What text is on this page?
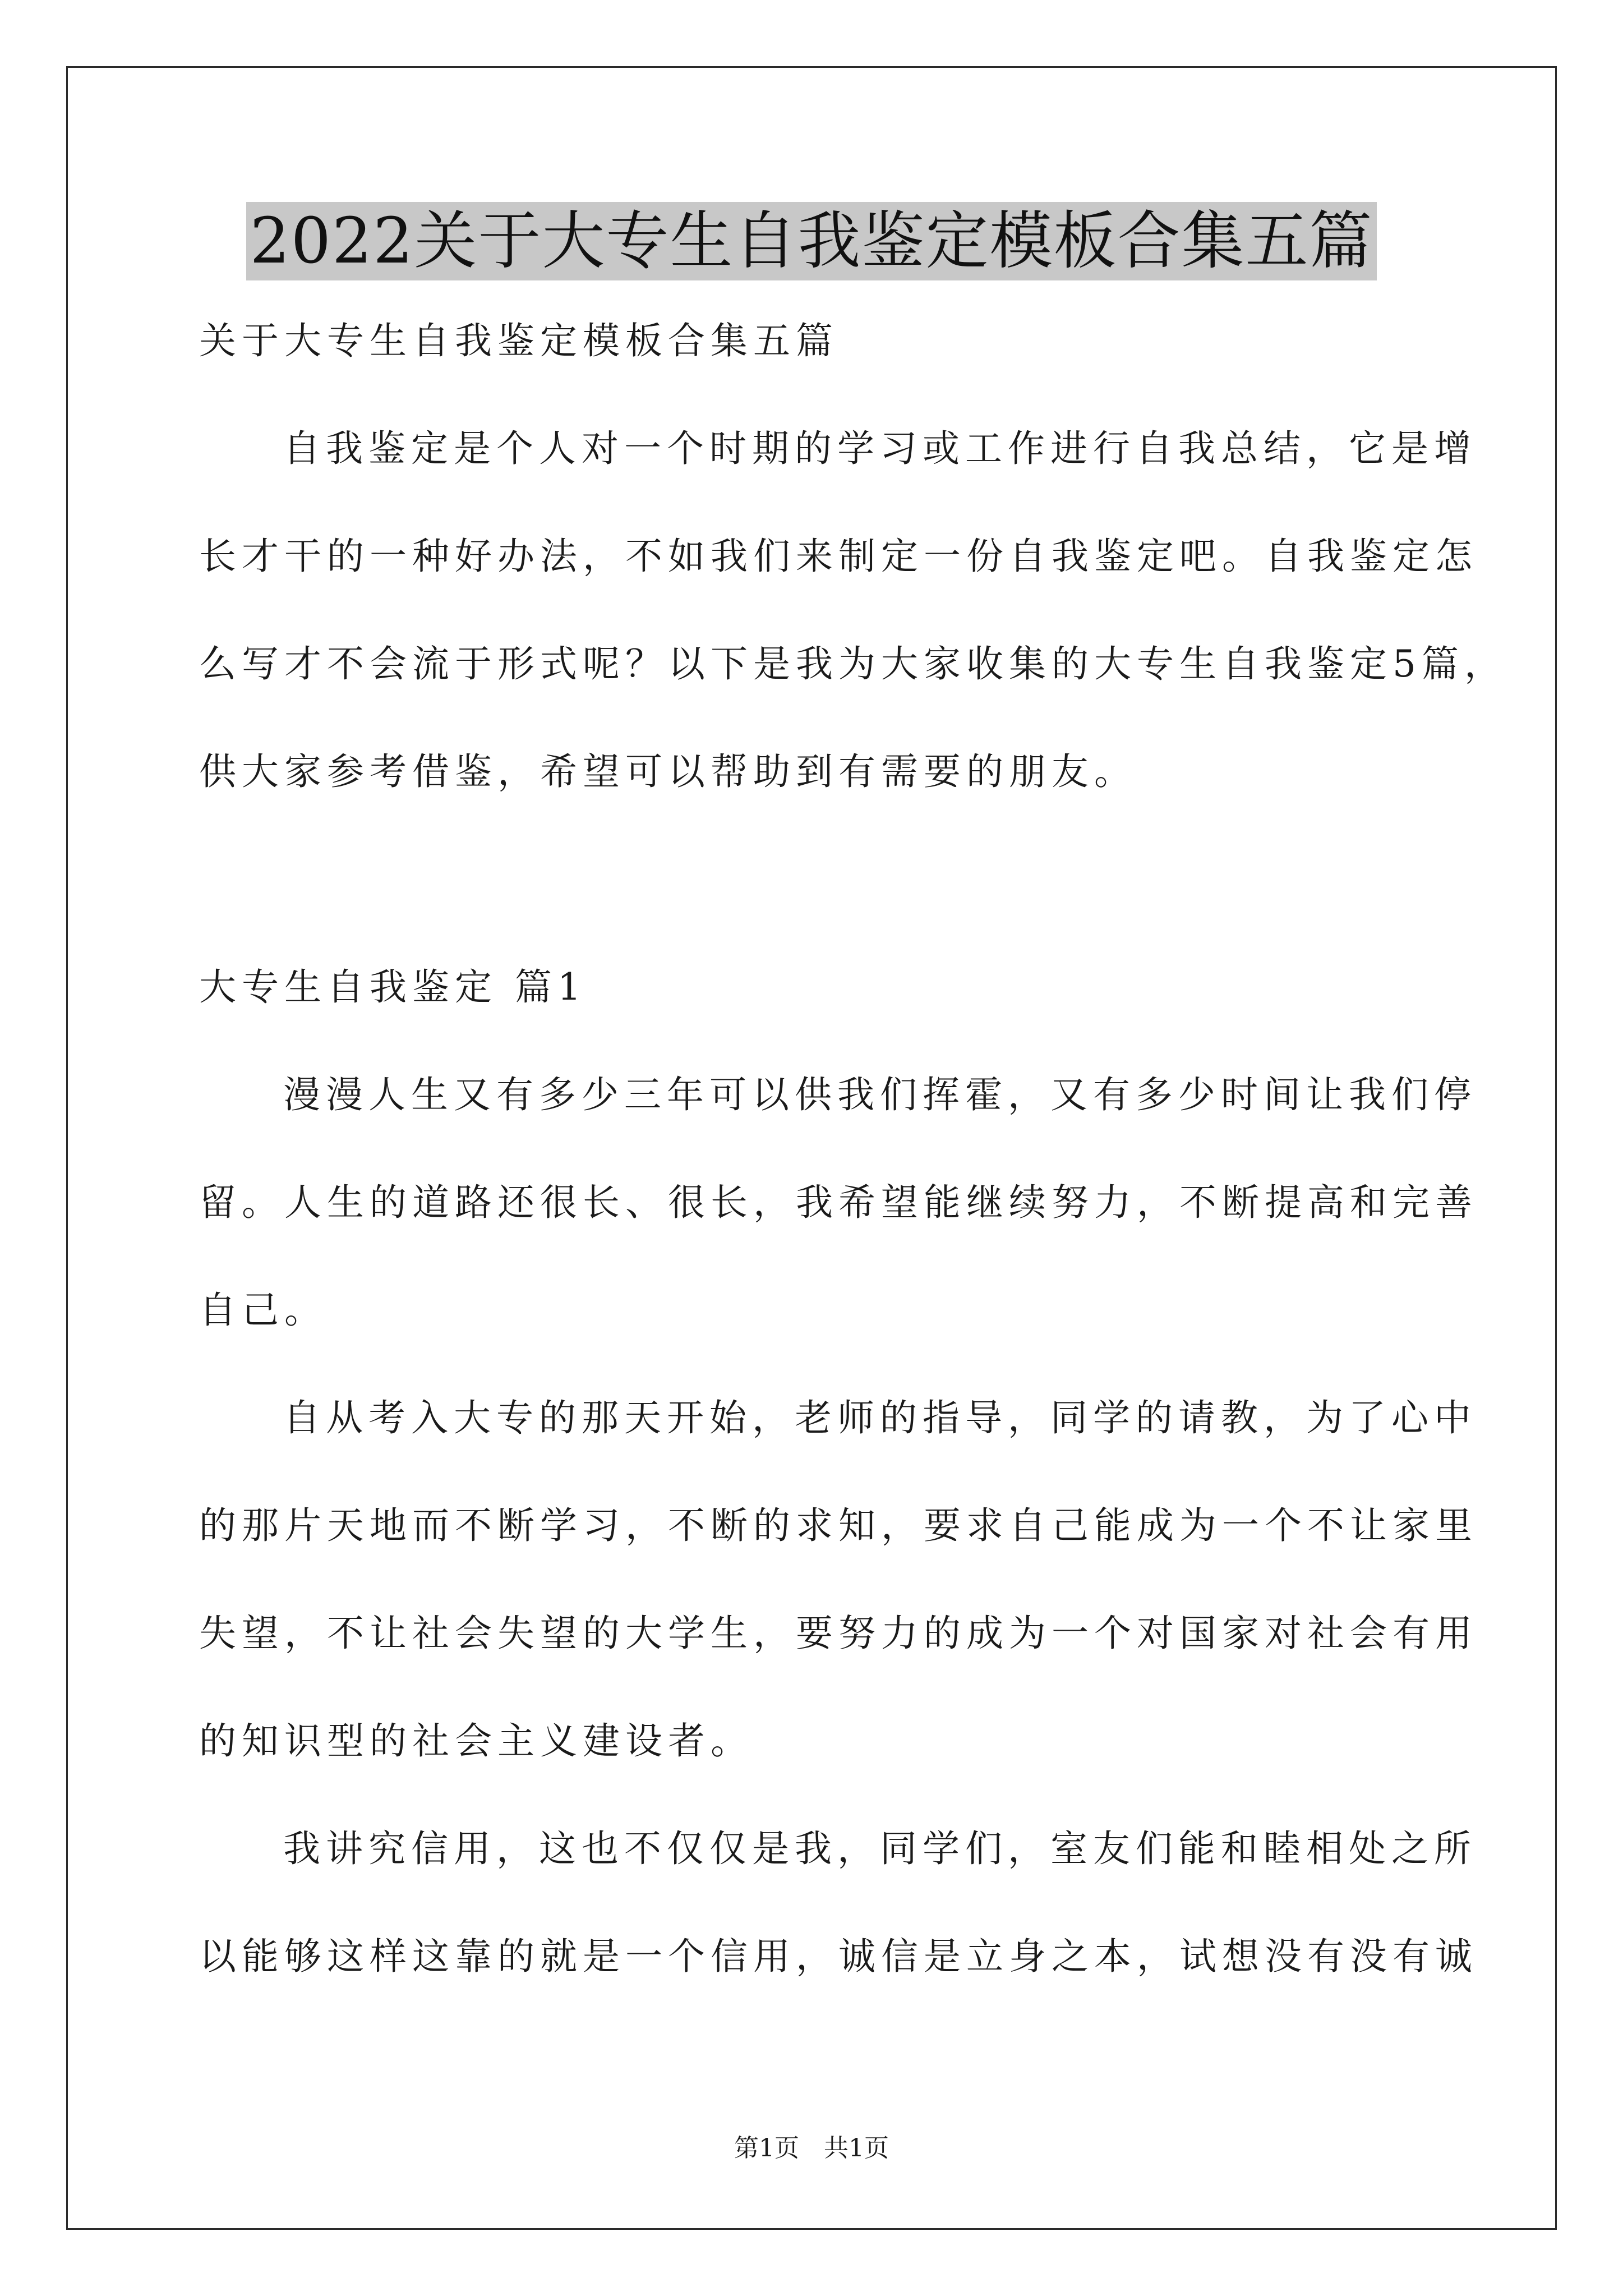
2022关于大专生自我鉴定模板合集五篇
关于大专生自我鉴定模板合集五篇
自我鉴定是个人对一个时期的学习或工作进行自我总结，它是增
长才干的一种好办法，不如我们来制定一份自我鉴定吧。自我鉴定怎
么写才不会流于形式呢？以下是我为大家收集的大专生自我鉴定5篇，
供大家参考借鉴，希望可以帮助到有需要的朋友。
大专生自我鉴定 篇1
漫漫人生又有多少三年可以供我们挥霍，又有多少时间让我们停
留。人生的道路还很长、很长，我希望能继续努力，不断提高和完善
自己。
自从考入大专的那天开始，老师的指导，同学的请教，为了心中
的那片天地而不断学习，不断的求知，要求自己能成为一个不让家里
失望，不让社会失望的大学生，要努力的成为一个对国家对社会有用
的知识型的社会主义建设者。
我讲究信用，这也不仅仅是我，同学们，室友们能和睦相处之所
以能够这样这靠的就是一个信用，诚信是立身之本，试想没有没有诚
第1页　共1页
